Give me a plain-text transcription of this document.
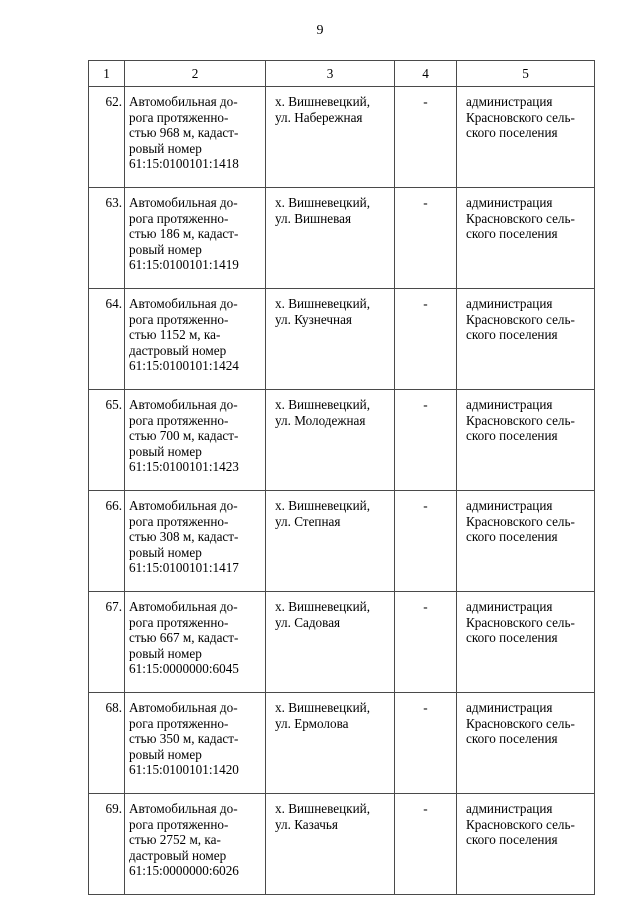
9
1	2	3	4	5
62.	Автомобильная до-
рога протяженно-
стью 968 м, кадаст-
ровый номер
61:15:0100101:1418	х. Вишневецкий,
ул. Набережная	-	администрация
Красновского сель-
ского поселения

63.	Автомобильная до-
рога протяженно-
стью 186 м, кадаст-
ровый номер
61:15:0100101:1419	х. Вишневецкий,
ул. Вишневая	-	администрация
Красновского сель-
ского поселения

64.	Автомобильная до-
рога протяженно-
стью 1152 м, ка-
дастровый номер
61:15:0100101:1424	х. Вишневецкий,
ул. Кузнечная	-	администрация
Красновского сель-
ского поселения

65.	Автомобильная до-
рога протяженно-
стью 700 м, кадаст-
ровый номер
61:15:0100101:1423	х. Вишневецкий,
ул. Молодежная	-	администрация
Красновского сель-
ского поселения

66.	Автомобильная до-
рога протяженно-
стью 308 м, кадаст-
ровый номер
61:15:0100101:1417	х. Вишневецкий,
ул. Степная	-	администрация
Красновского сель-
ского поселения

67.	Автомобильная до-
рога протяженно-
стью 667 м, кадаст-
ровый номер
61:15:0000000:6045	х. Вишневецкий,
ул. Садовая	-	администрация
Красновского сель-
ского поселения

68.	Автомобильная до-
рога протяженно-
стью 350 м, кадаст-
ровый номер
61:15:0100101:1420	х. Вишневецкий,
ул. Ермолова	-	администрация
Красновского сель-
ского поселения

69.	Автомобильная до-
рога протяженно-
стью 2752 м, ка-
дастровый номер
61:15:0000000:6026	х. Вишневецкий,
ул. Казачья	-	администрация
Красновского сель-
ского поселения
